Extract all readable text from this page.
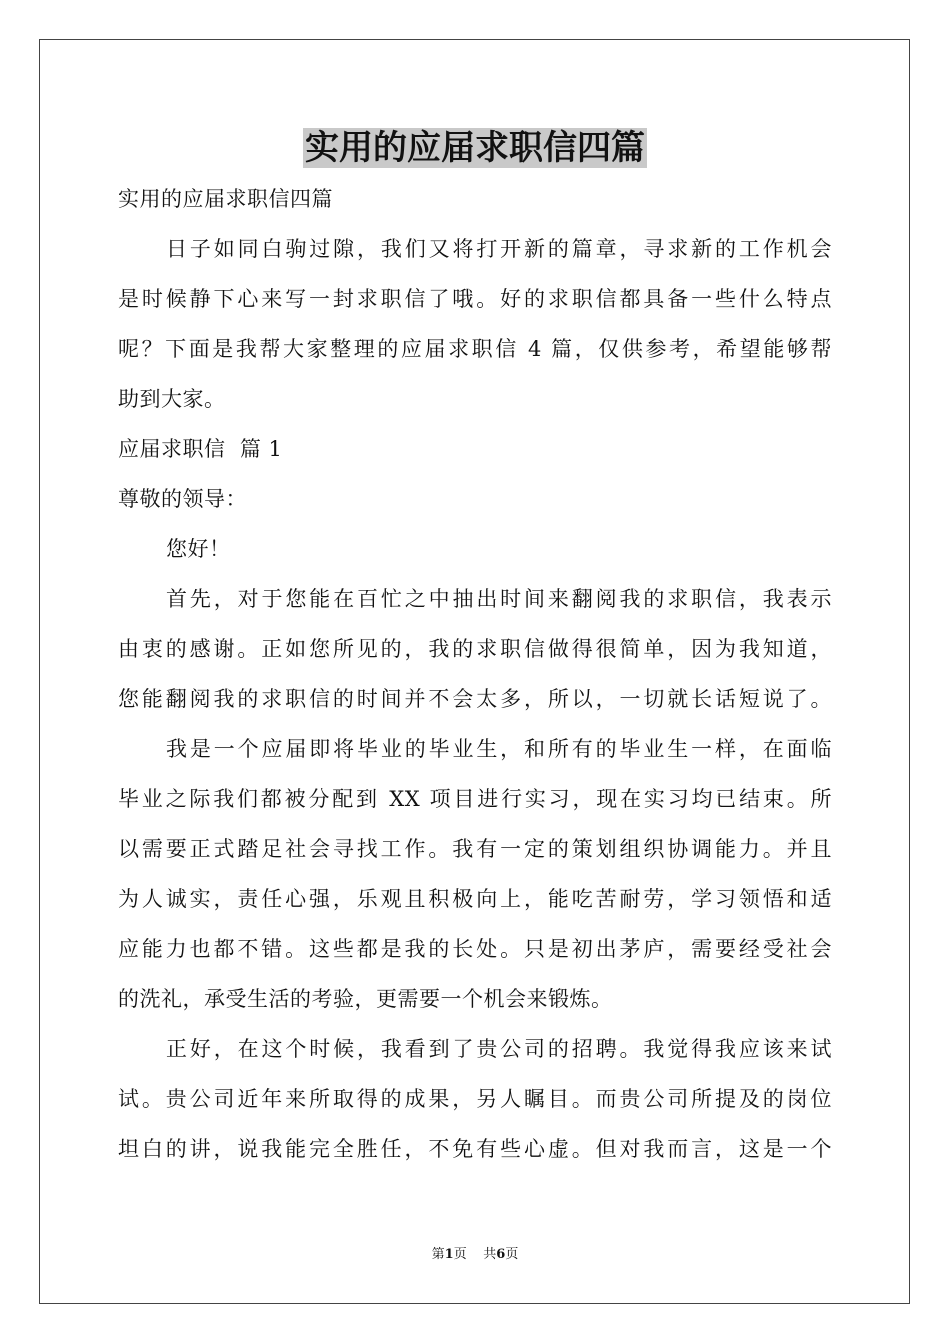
实用的应届求职信四篇
实用的应届求职信四篇
日子如同白驹过隙，我们又将打开新的篇章，寻求新的工作机会
是时候静下心来写一封求职信了哦。好的求职信都具备一些什么特点
呢？下面是我帮大家整理的应届求职信 4 篇，仅供参考，希望能够帮
助到大家。
应届求职信  篇 1
尊敬的领导：
您好！
首先，对于您能在百忙之中抽出时间来翻阅我的求职信，我表示
由衷的感谢。正如您所见的，我的求职信做得很简单，因为我知道，
您能翻阅我的求职信的时间并不会太多，所以，一切就长话短说了。
我是一个应届即将毕业的毕业生，和所有的毕业生一样，在面临
毕业之际我们都被分配到 XX 项目进行实习，现在实习均已结束。所
以需要正式踏足社会寻找工作。我有一定的策划组织协调能力。并且
为人诚实，责任心强，乐观且积极向上，能吃苦耐劳，学习领悟和适
应能力也都不错。这些都是我的长处。只是初出茅庐，需要经受社会
的洗礼，承受生活的考验，更需要一个机会来锻炼。
正好，在这个时候，我看到了贵公司的招聘。我觉得我应该来试
试。贵公司近年来所取得的成果，另人瞩目。而贵公司所提及的岗位
坦白的讲，说我能完全胜任，不免有些心虚。但对我而言，这是一个
第1页 共6页
